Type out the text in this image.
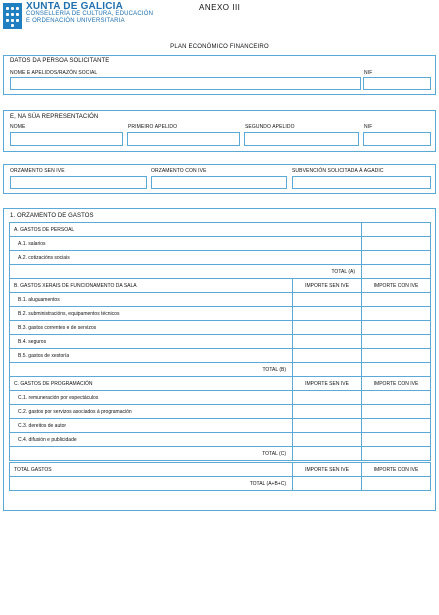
XUNTA DE GALICIA
CONSELLERÍA DE CULTURA, EDUCACIÓN
E ORDENACIÓN UNIVERSITARIA
ANEXO III
PLAN ECONÓMICO FINANCEIRO
DATOS DA PERSOA SOLICITANTE
NOME E APELIDOS/RAZÓN SOCIAL	NIF
E, NA SÚA REPRESENTACIÓN
NOME	PRIMEIRO APELIDO	SEGUNDO APELIDO	NIF
ORZAMENTO SEN IVE	ORZAMENTO CON IVE	SUBVENCIÓN SOLICITADA Á AGADIC
1. ORZAMENTO DE GASTOS
A. GASTOS DE PERSOAL		
A.1. salarios		
A.2. cotizacións sociais		
TOTAL (A)		
B. GASTOS XERAIS DE FUNCIONAMENTO DA SALA	IMPORTE SEN IVE	IMPORTE CON IVE
B.1. aluguamentos		
B.2. subministracións, equipamentos técnicos		
B.3. gastos correntes e de servizos		
B.4. seguros		
B.5. gastos de xestoría		
TOTAL (B)		
C. GASTOS DE PROGRAMACIÓN	IMPORTE SEN IVE	IMPORTE CON IVE
C.1. remuneración por espectáculos		
C.2. gastos por servizos asociados á programación		
C.3. dereitos de autor		
C.4. difusión e publicidade		
TOTAL (C)		

TOTAL GASTOS	IMPORTE SEN IVE	IMPORTE CON IVE
TOTAL (A+B+C)		
